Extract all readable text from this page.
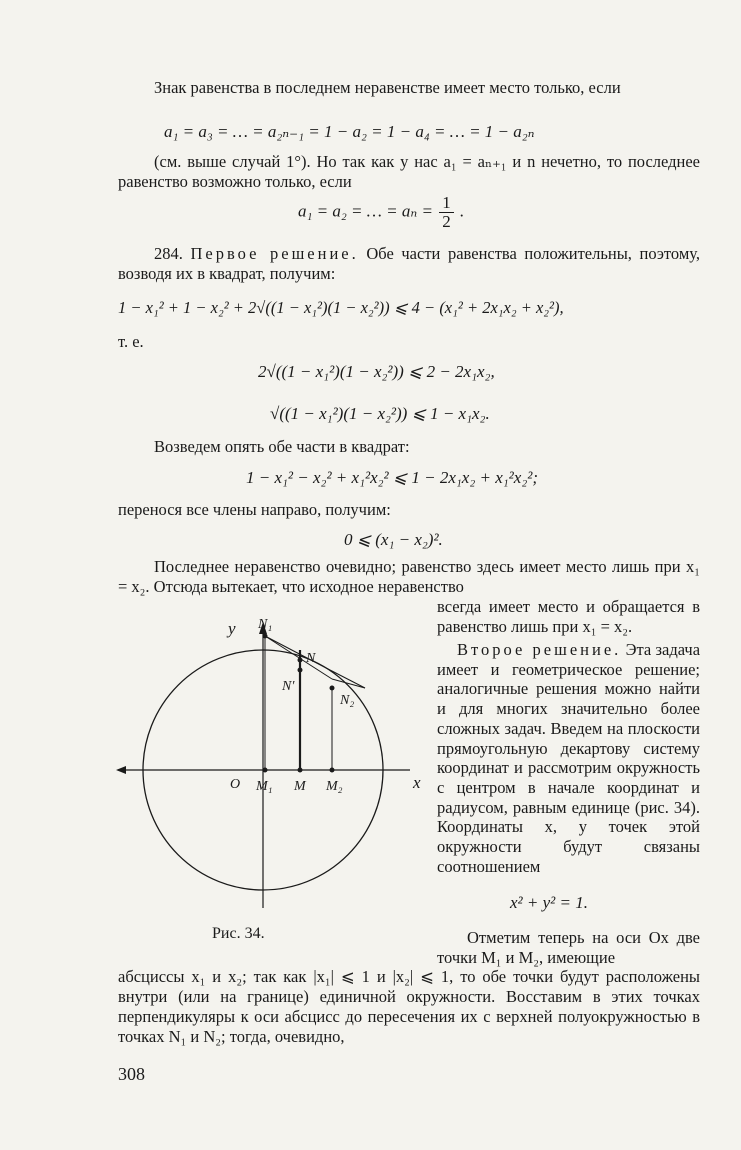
Знак равенства в последнем неравенстве имеет место только, если
a₁ = a₃ = … = a₂ₙ₋₁ = 1 − a₂ = 1 − a₄ = … = 1 − a₂ₙ
(см. выше случай 1°). Но так как у нас a₁ = aₙ₊₁ и n нечетно, то последнее равенство возможно только, если
a₁ = a₂ = … = $a_n = \frac{1}{2}$ .
284. Первое решение. Обе части равенства положительны, поэтому, возводя их в квадрат, получим:
1 − x₁² + 1 − x₂² + 2√((1 − x₁²)(1 − x₂²)) ⩽ 4 − (x₁² + 2x₁x₂ + x₂²),
т. е.
2√((1 − x₁²)(1 − x₂²)) ⩽ 2 − 2x₁x₂,
√((1 − x₁²)(1 − x₂²)) ⩽ 1 − x₁x₂.
Возведем опять обе части в квадрат:
1 − x₁² − x₂² + x₁²x₂² ⩽ 1 − 2x₁x₂ + x₁²x₂²;
перенося все члены направо, получим:
0 ⩽ (x₁ − x₂)².
Последнее неравенство очевидно; равенство здесь имеет место лишь при x₁ = x₂. Отсюда вытекает, что исходное неравенство
всегда имеет место и обращается в равенство лишь при x₁ = x₂.
Второе решение. Эта задача имеет и геометрическое решение; аналогичные решения можно найти и для многих значительно более сложных задач. Введем на плоскости прямоугольную декартову систему координат и рассмотрим окружность с центром в начале координат и радиусом, равным единице (рис. 34). Координаты x, y точек этой окружности будут связаны соотношением
x² + y² = 1.
Отметим теперь на оси Ox две точки M₁ и M₂, имеющие
абсциссы x₁ и x₂; так как |x₁| ⩽ 1 и |x₂| ⩽ 1, то обе точки будут расположены внутри (или на границе) единичной окружности. Восставим в этих точках перпендикуляры к оси абсцисс до пересечения их с верхней полуокружностью в точках N₁ и N₂; тогда, очевидно,
y
x
O M₁ M M₂
N₁
N
N′
N₂
Рис. 34.
308
